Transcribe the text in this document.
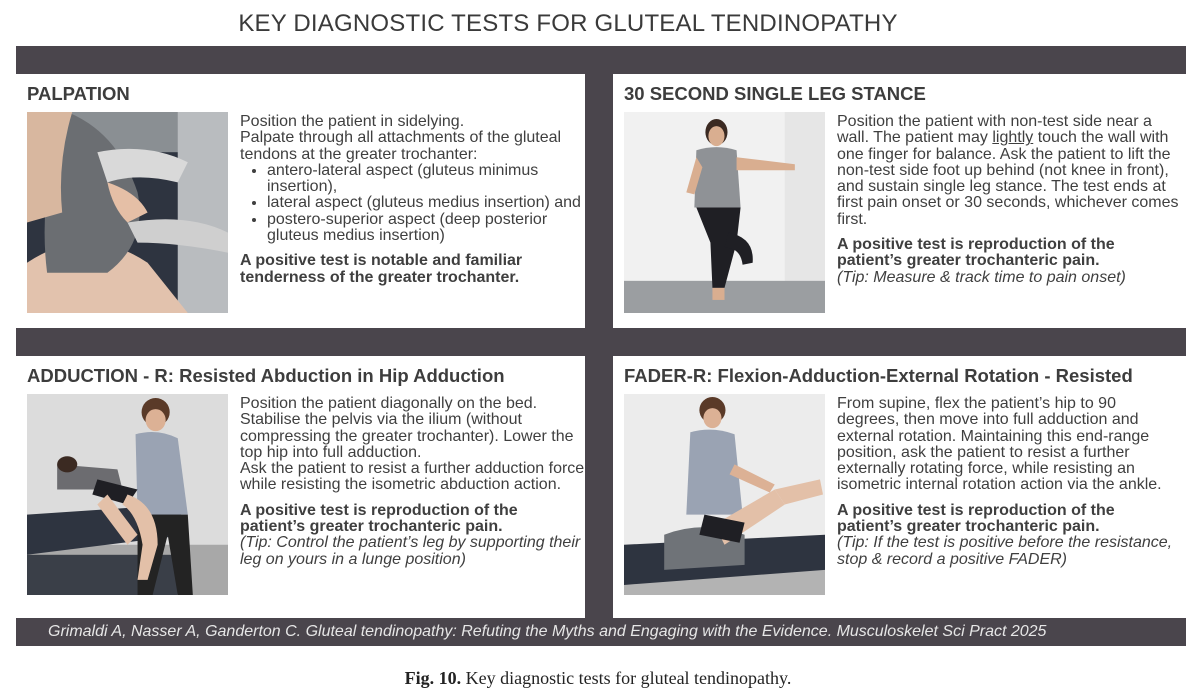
KEY DIAGNOSTIC TESTS FOR GLUTEAL TENDINOPATHY
PALPATION

Position the patient in sidelying.

Palpate through all attachments of the gluteal tendons at the greater trochanter:

• antero-lateral aspect (gluteus minimus insertion),
• lateral aspect (gluteus medius insertion) and
• postero-superior aspect (deep posterior gluteus medius insertion)

A positive test is notable and familiar tenderness of the greater trochanter.

30 SECOND SINGLE LEG STANCE

Position the patient with non-test side near a wall. The patient may lightly touch the wall with one finger for balance. Ask the patient to lift the non-test side foot up behind (not knee in front), and sustain single leg stance. The test ends at first pain onset or 30 seconds, whichever comes first.

A positive test is reproduction of the patient’s greater trochanteric pain.

(Tip: Measure & track time to pain onset)

ADDUCTION - R: Resisted Abduction in Hip Adduction

Position the patient diagonally on the bed. Stabilise the pelvis via the ilium (without compressing the greater trochanter). Lower the top hip into full adduction.

Ask the patient to resist a further adduction force while resisting the isometric abduction action.

A positive test is reproduction of the patient’s greater trochanteric pain.

(Tip: Control the patient’s leg by supporting their leg on yours in a lunge position)

FADER-R: Flexion-Adduction-External Rotation - Resisted

From supine, flex the patient’s hip to 90 degrees, then move into full adduction and external rotation. Maintaining this end-range position, ask the patient to resist a further externally rotating force, while resisting an isometric internal rotation action via the ankle.

A positive test is reproduction of the patient’s greater trochanteric pain.

(Tip: If the test is positive before the resistance, stop & record a positive FADER)

Grimaldi A, Nasser A, Ganderton C. Gluteal tendinopathy: Refuting the Myths and Engaging with the Evidence. Musculoskelet Sci Pract 2025
Fig. 10. Key diagnostic tests for gluteal tendinopathy.
